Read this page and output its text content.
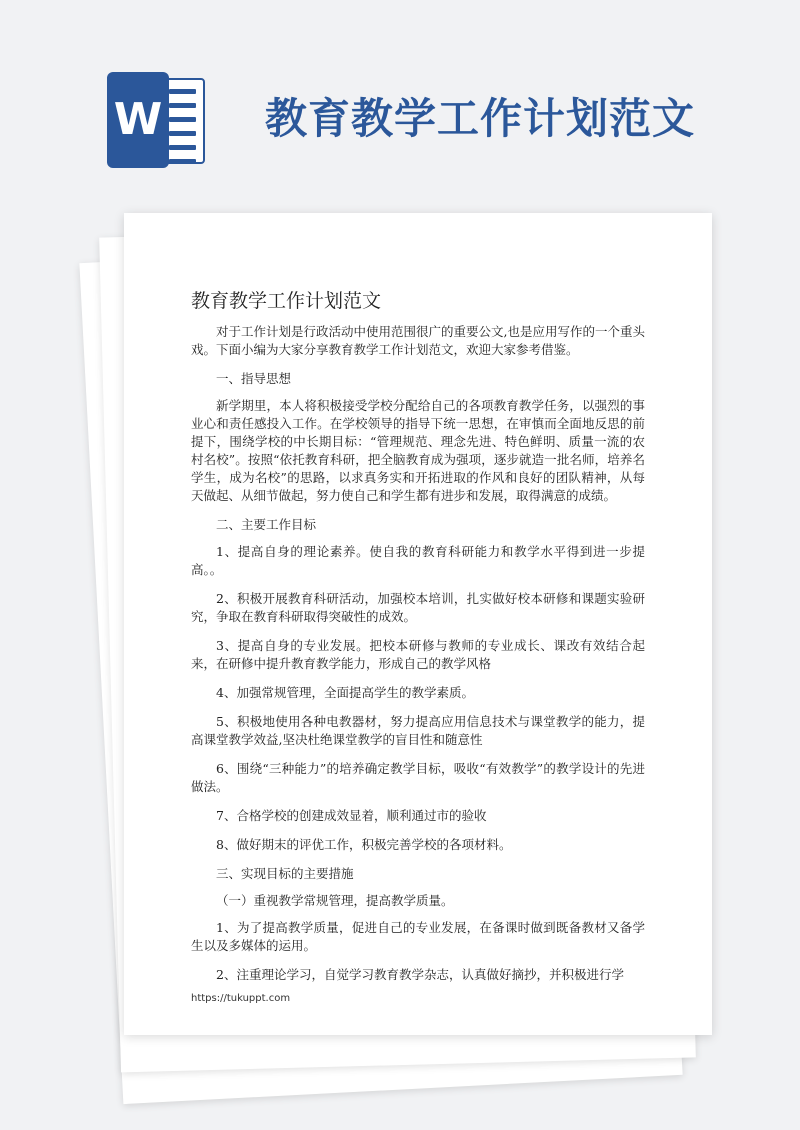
W 教育教学工作计划范文
教育教学工作计划范文

对于工作计划是行政活动中使用范围很广的重要公文,也是应用写作的一个重头戏。下面小编为大家分享教育教学工作计划范文，欢迎大家参考借鉴。

一、指导思想

新学期里，本人将积极接受学校分配给自己的各项教育教学任务，以强烈的事业心和责任感投入工作。在学校领导的指导下统一思想，在审慎而全面地反思的前提下，围绕学校的中长期目标：“管理规范、理念先进、特色鲜明、质量一流的农村名校”。按照“依托教育科研，把全脑教育成为强项，逐步就造一批名师，培养名学生，成为名校”的思路，以求真务实和开拓进取的作风和良好的团队精神，从每天做起、从细节做起，努力使自己和学生都有进步和发展，取得满意的成绩。

二、主要工作目标

1、提高自身的理论素养。使自我的教育科研能力和教学水平得到进一步提高。。

2、积极开展教育科研活动，加强校本培训，扎实做好校本研修和课题实验研究，争取在教育科研取得突破性的成效。

3、提高自身的专业发展。把校本研修与教师的专业成长、课改有效结合起来，在研修中提升教育教学能力，形成自己的教学风格

4、加强常规管理，全面提高学生的教学素质。

5、积极地使用各种电教器材，努力提高应用信息技术与课堂教学的能力，提高课堂教学效益,坚决杜绝课堂教学的盲目性和随意性

6、围绕“三种能力”的培养确定教学目标，吸收“有效教学”的教学设计的先进做法。

7、合格学校的创建成效显着，顺利通过市的验收

8、做好期末的评优工作，积极完善学校的各项材料。

三、实现目标的主要措施

（一）重视教学常规管理，提高教学质量。

1、为了提高教学质量，促进自己的专业发展，在备课时做到既备教材又备学生以及多媒体的运用。

2、注重理论学习，自觉学习教育教学杂志，认真做好摘抄，并积极进行学

https://tukuppt.com
